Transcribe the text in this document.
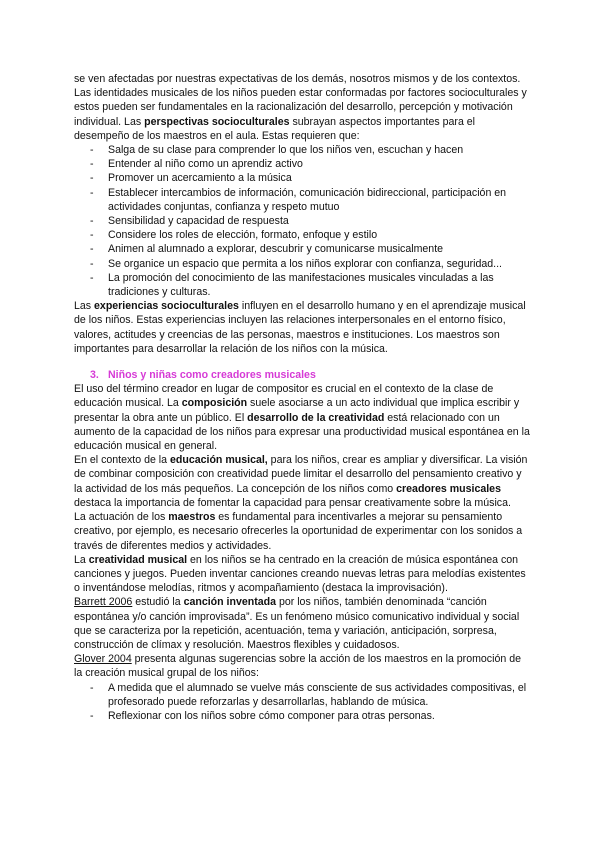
se ven afectadas por nuestras expectativas de los demás, nosotros mismos y de los contextos. Las identidades musicales de los niños pueden estar conformadas por factores socioculturales y estos pueden ser fundamentales en la racionalización del desarrollo, percepción y motivación individual. Las perspectivas socioculturales subrayan aspectos importantes para el desempeño de los maestros en el aula. Estas requieren que:

- Salga de su clase para comprender lo que los niños ven, escuchan y hacen
- Entender al niño como un aprendiz activo
- Promover un acercamiento a la música
- Establecer intercambios de información, comunicación bidireccional, participación en actividades conjuntas, confianza y respeto mutuo
- Sensibilidad y capacidad de respuesta
- Considere los roles de elección, formato, enfoque y estilo
- Animen al alumnado a explorar, descubrir y comunicarse musicalmente
- Se organice un espacio que permita a los niños explorar con confianza, seguridad...
- La promoción del conocimiento de las manifestaciones musicales vinculadas a las tradiciones y culturas.

Las experiencias socioculturales influyen en el desarrollo humano y en el aprendizaje musical de los niños. Estas experiencias incluyen las relaciones interpersonales en el entorno físico, valores, actitudes y creencias de las personas, maestros e instituciones. Los maestros son importantes para desarrollar la relación de los niños con la música.

3. Niños y niñas como creadores musicales

El uso del término creador en lugar de compositor es crucial en el contexto de la clase de educación musical. La composición suele asociarse a un acto individual que implica escribir y presentar la obra ante un público. El desarrollo de la creatividad está relacionado con un aumento de la capacidad de los niños para expresar una productividad musical espontánea en la educación musical en general.

En el contexto de la educación musical, para los niños, crear es ampliar y diversificar. La visión de combinar composición con creatividad puede limitar el desarrollo del pensamiento creativo y la actividad de los más pequeños. La concepción de los niños como creadores musicales destaca la importancia de fomentar la capacidad para pensar creativamente sobre la música.

La actuación de los maestros es fundamental para incentivarles a mejorar su pensamiento creativo, por ejemplo, es necesario ofrecerles la oportunidad de experimentar con los sonidos a través de diferentes medios y actividades.

La creatividad musical en los niños se ha centrado en la creación de música espontánea con canciones y juegos. Pueden inventar canciones creando nuevas letras para melodías existentes o inventándose melodías, ritmos y acompañamiento (destaca la improvisación).

Barrett 2006 estudió la canción inventada por los niños, también denominada “canción espontánea y/o canción improvisada”. Es un fenómeno músico comunicativo individual y social que se caracteriza por la repetición, acentuación, tema y variación, anticipación, sorpresa, construcción de clímax y resolución. Maestros flexibles y cuidadosos.

Glover 2004 presenta algunas sugerencias sobre la acción de los maestros en la promoción de la creación musical grupal de los niños:

- A medida que el alumnado se vuelve más consciente de sus actividades compositivas, el profesorado puede reforzarlas y desarrollarlas, hablando de música.
- Reflexionar con los niños sobre cómo componer para otras personas.
